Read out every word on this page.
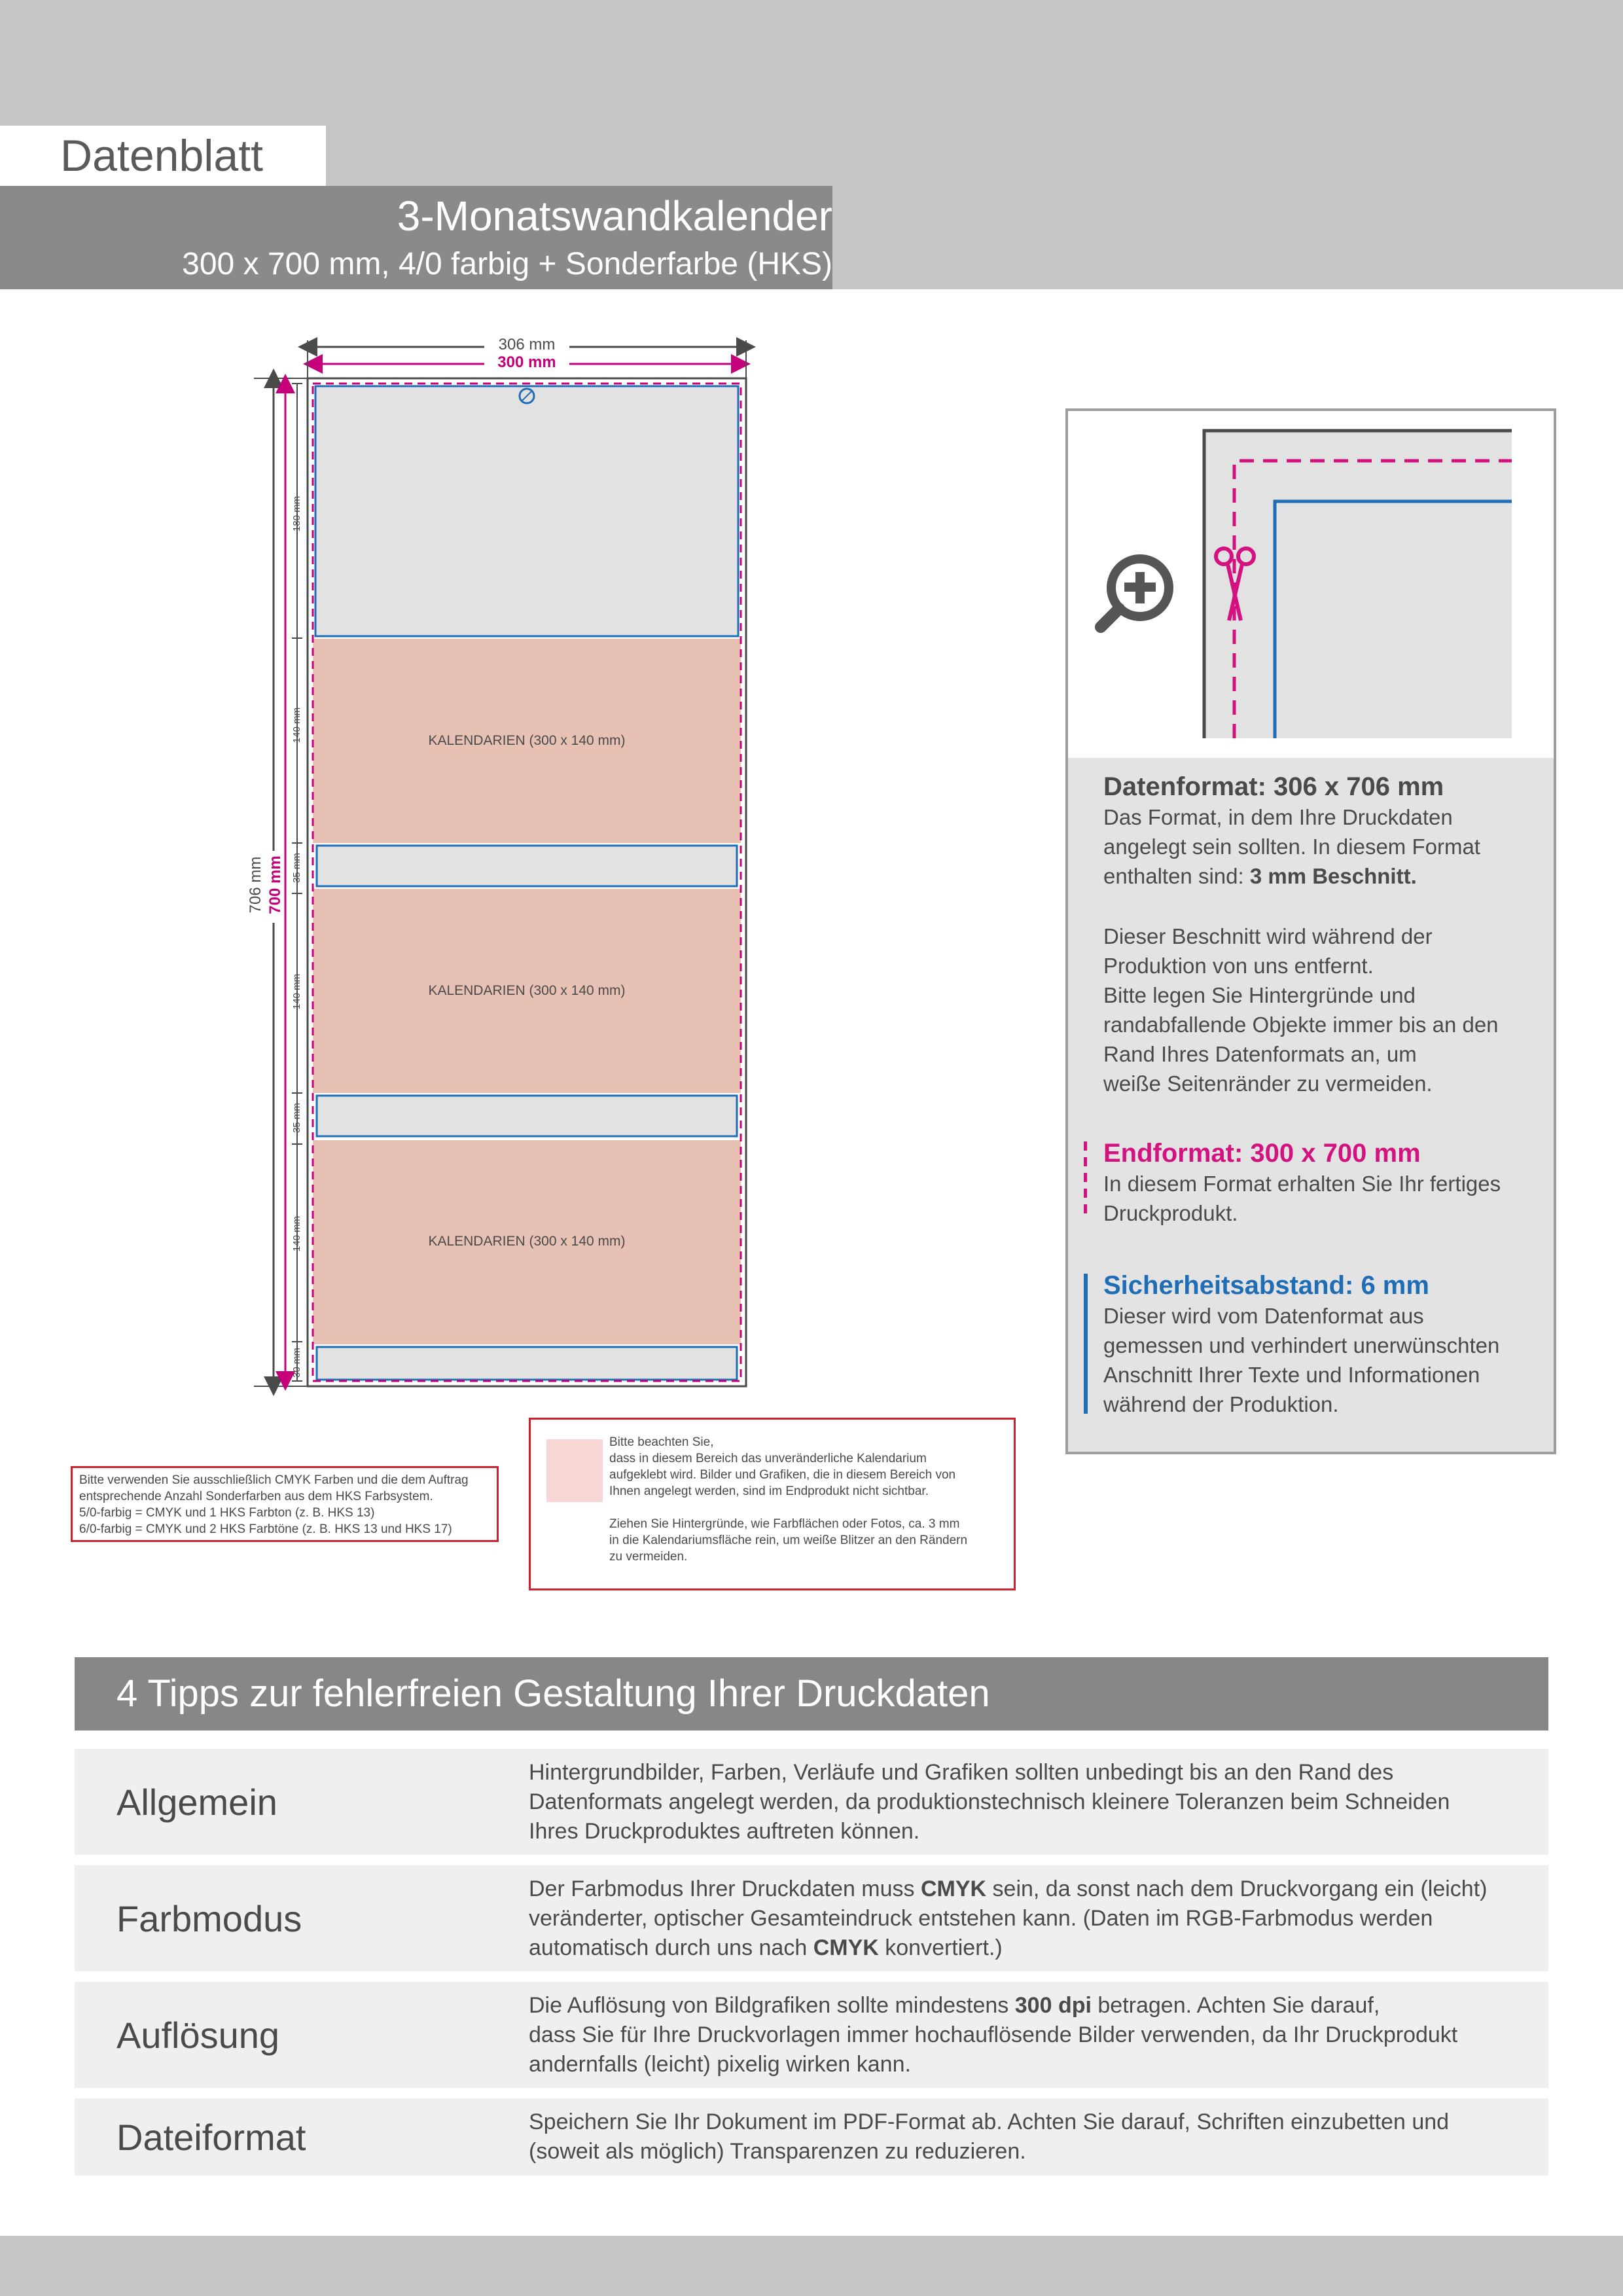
Datenblatt
3-Monatswandkalender
300 x 700 mm, 4/0 farbig + Sonderfarbe (HKS)
306 mm
300 mm
706 mm 700 mm
180 mm
140 mm
35 mm
140 mm
35 mm
140 mm
30 mm
KALENDARIEN (300 x 140 mm)
KALENDARIEN (300 x 140 mm)
KALENDARIEN (300 x 140 mm)
Datenformat: 306 x 706 mm
Das Format, in dem Ihre Druckdaten
angelegt sein sollten. In diesem Format
enthalten sind: 3 mm Beschnitt.
Dieser Beschnitt wird während der
Produktion von uns entfernt.
Bitte legen Sie Hintergründe und
randabfallende Objekte immer bis an den
Rand Ihres Datenformats an, um
weiße Seitenränder zu vermeiden.
Endformat: 300 x 700 mm
In diesem Format erhalten Sie Ihr fertiges
Druckprodukt.
Sicherheitsabstand: 6 mm
Dieser wird vom Datenformat aus
gemessen und verhindert unerwünschten
Anschnitt Ihrer Texte und Informationen
während der Produktion.
Bitte verwenden Sie ausschließlich CMYK Farben und die dem Auftrag
entsprechende Anzahl Sonderfarben aus dem HKS Farbsystem.
5/0-farbig = CMYK und 1 HKS Farbton (z. B. HKS 13)
6/0-farbig = CMYK und 2 HKS Farbtöne (z. B. HKS 13 und HKS 17)
Bitte beachten Sie,
dass in diesem Bereich das unveränderliche Kalendarium
aufgeklebt wird. Bilder und Grafiken, die in diesem Bereich von
Ihnen angelegt werden, sind im Endprodukt nicht sichtbar.
Ziehen Sie Hintergründe, wie Farbflächen oder Fotos, ca. 3 mm
in die Kalendariumsfläche rein, um weiße Blitzer an den Rändern
zu vermeiden.
4 Tipps zur fehlerfreien Gestaltung Ihrer Druckdaten
Allgemein
Hintergrundbilder, Farben, Verläufe und Grafiken sollten unbedingt bis an den Rand des
Datenformats angelegt werden, da produktionstechnisch kleinere Toleranzen beim Schneiden
Ihres Druckproduktes auftreten können.
Farbmodus
Der Farbmodus Ihrer Druckdaten muss CMYK sein, da sonst nach dem Druckvorgang ein (leicht)
veränderter, optischer Gesamteindruck entstehen kann. (Daten im RGB-Farbmodus werden
automatisch durch uns nach CMYK konvertiert.)
Auflösung
Die Auflösung von Bildgrafiken sollte mindestens 300 dpi betragen. Achten Sie darauf,
dass Sie für Ihre Druckvorlagen immer hochauflösende Bilder verwenden, da Ihr Druckprodukt
andernfalls (leicht) pixelig wirken kann.
Dateiformat	Speichern Sie Ihr Dokument im PDF-Format ab. Achten Sie darauf, Schriften einzubetten und
(soweit als möglich) Transparenzen zu reduzieren.
